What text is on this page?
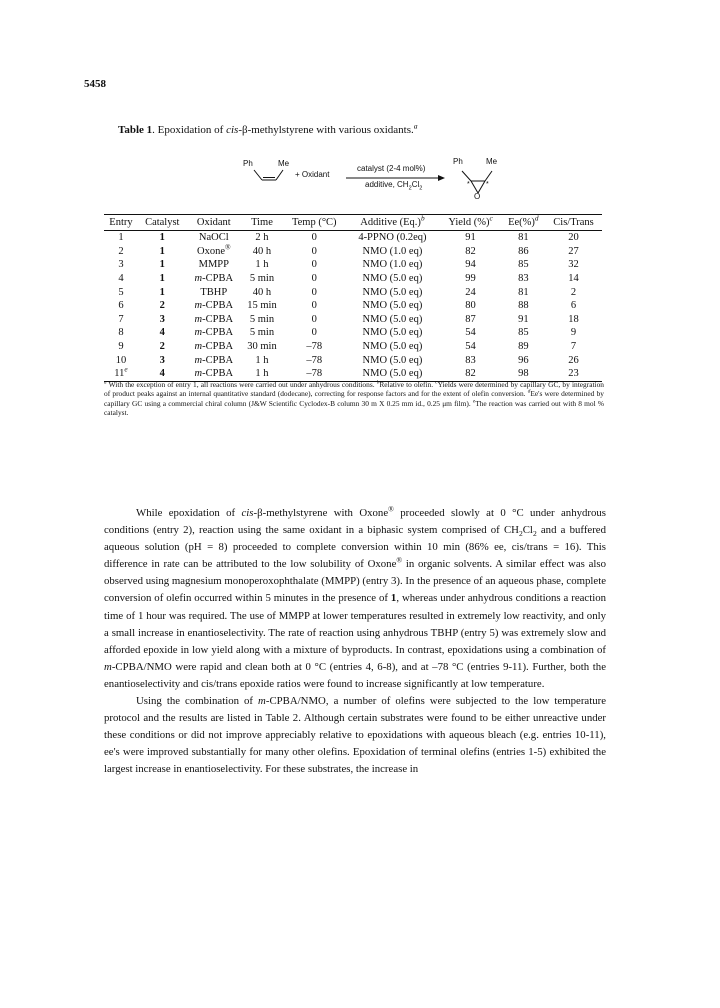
5458
Table 1. Epoxidation of cis-β-methylstyrene with various oxidants.$^a$
* *
Ph	Me
+ Oxidant
catalyst (2-4 mol%)
additive, $CH_2Cl_2$
Ph	Me
O
Entry	Catalyst	Oxidant	Time	Temp (°C)	Additive $(Eq.)^b$	Yield (%)$^c$	Ee(%)$^d$	Cis/Trans
1	1	NaOCl	2 h	0	4-PPNO (0.2eq)	91	81	20
2	1	Oxone®	40 h	0	NMO (1.0 eq)	82	86	27
3	1	MMPP	1 h	0	NMO (1.0 eq)	94	85	32
4	1	m-CPBA	5 min	0	NMO (5.0 eq)	99	83	14
5	1	TBHP	40 h	0	NMO (5.0 eq)	24	81	2
6	2	m-CPBA	15 min	0	NMO (5.0 eq)	80	88	6
7	3	m-CPBA	5 min	0	NMO (5.0 eq)	87	91	18
8	4	m-CPBA	5 min	0	NMO (5.0 eq)	54	85	9
9	2	m-CPBA	30 min	–78	NMO (5.0 eq)	54	89	7
10	3	m-CPBA	1 h	–78	NMO (5.0 eq)	83	96	26
11e	4	m-CPBA	1 h	–78	NMO (5.0 eq)	82	98	23
$^a$ With the exception of entry 1, all reactions were carried out under anhydrous conditions. $^b$Relative to olefin. $^c$Yields were determined by capillary GC, by integration of product peaks against an internal quantitative standard (dodecane), correcting for response factors and for the extent of olefin conversion. $^d$Ee's were determined by capillary GC using a commercial chiral column (J&W Scientific Cyclodex-B column 30 m X 0.25 mm id., 0.25 μm film). $^e$The reaction was carried out with 8 mol % catalyst.

While epoxidation of cis-β-methylstyrene with Oxone® proceeded slowly at 0 °C under anhydrous conditions (entry 2), reaction using the same oxidant in a biphasic system comprised of $CH_2Cl_2$ and a buffered aqueous solution (pH = 8) proceeded to complete conversion within 10 min (86% ee, cis/trans = 16). This difference in rate can be attributed to the low solubility of Oxone® in organic solvents. A similar effect was also observed using magnesium monoperoxophthalate (MMPP) (entry 3). In the presence of an aqueous phase, complete conversion of olefin occurred within 5 minutes in the presence of 1, whereas under anhydrous conditions a reaction time of 1 hour was required. The use of MMPP at lower temperatures resulted in extremely low reactivity, and only a small increase in enantioselectivity. The rate of reaction using anhydrous TBHP (entry 5) was extremely slow and afforded epoxide in low yield along with a mixture of byproducts. In contrast, epoxidations using a combination of m-CPBA/NMO were rapid and clean both at 0 °C (entries 4, 6-8), and at –78 °C (entries 9-11). Further, both the enantioselectivity and cis/trans epoxide ratios were found to increase significantly at low temperature.

Using the combination of m-CPBA/NMO, a number of olefins were subjected to the low temperature protocol and the results are listed in Table 2. Although certain substrates were found to be either unreactive under these conditions or did not improve appreciably relative to epoxidations with aqueous bleach (e.g. entries 10-11), ee's were improved substantially for many other olefins. Epoxidation of terminal olefins (entries 1-5) exhibited the largest increase in enantioselectivity. For these substrates, the increase in
